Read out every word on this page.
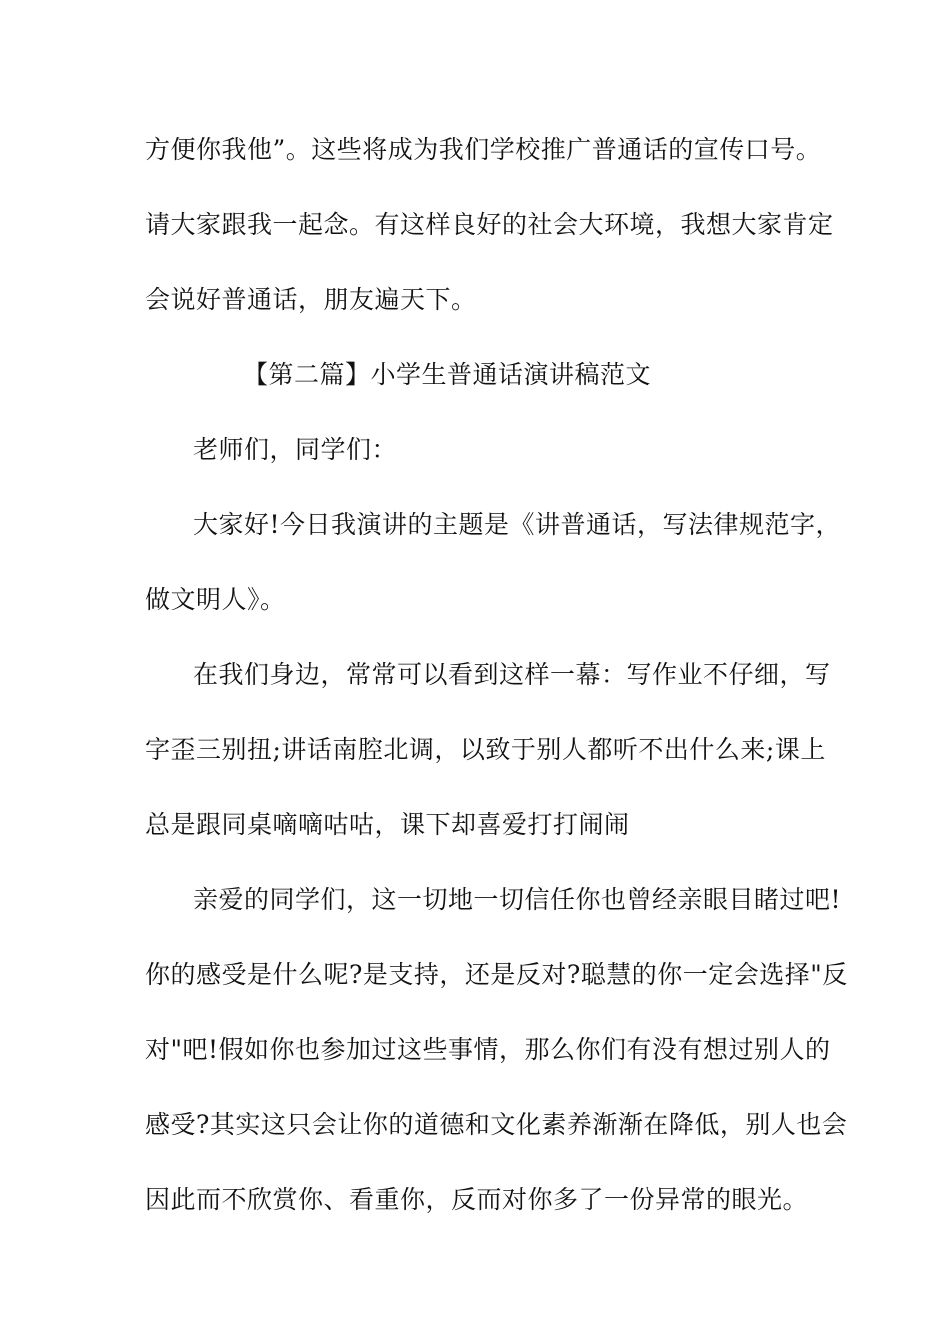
方便你我他”。这些将成为我们学校推广普通话的宣传口号。
请大家跟我一起念。有这样良好的社会大环境，我想大家肯定
会说好普通话，朋友遍天下。
【第二篇】小学生普通话演讲稿范文
老师们，同学们：
大家好!今日我演讲的主题是《讲普通话，写法律规范字，
做文明人》。
在我们身边，常常可以看到这样一幕：写作业不仔细，写
字歪三别扭;讲话南腔北调，以致于别人都听不出什么来;课上
总是跟同桌嘀嘀咕咕，课下却喜爱打打闹闹
亲爱的同学们，这一切地一切信任你也曾经亲眼目睹过吧!
你的感受是什么呢?是支持，还是反对?聪慧的你一定会选择"反
对"吧!假如你也参加过这些事情，那么你们有没有想过别人的
感受?其实这只会让你的道德和文化素养渐渐在降低，别人也会
因此而不欣赏你、看重你，反而对你多了一份异常的眼光。
